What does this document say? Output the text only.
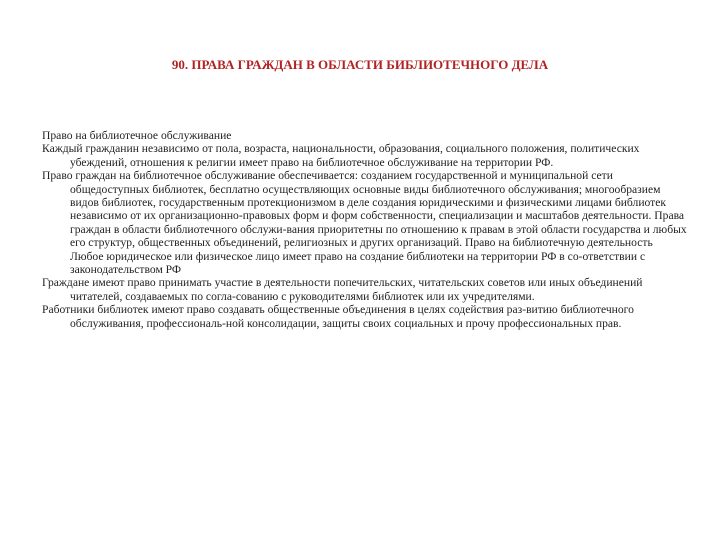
90. ПРАВА ГРАЖДАН В ОБЛАСТИ БИБЛИОТЕЧНОГО ДЕЛА

Право на библиотечное обслуживание

Каждый гражданин независимо от пола, возраста, национальности, образования, социального положения, политических убеждений, отношения к религии имеет право на библиотечное обслуживание на территории РФ.

Право граждан на библиотечное обслуживание обеспечивается: созданием государственной и муниципальной сети общедоступных библиотек, бесплатно осуществляющих основные виды библиотечного обслуживания; многообразием видов библиотек, государственным протекционизмом в деле создания юридическими и физическими лицами библиотек независимо от их организационно-правовых форм и форм собственности, специализации и масштабов деятельности. Права граждан в области библиотечного обслужи-вания приоритетны по отношению к правам в этой области государства и любых его структур, общественных объединений, религиозных и других организаций. Право на библиотечную деятельность Любое юридическое или физическое лицо имеет право на создание библиотеки на территории РФ в со-ответствии с законодательством РФ

Граждане имеют право принимать участие в деятельности попечительских, читательских советов или иных объединений читателей, создаваемых по согла-сованию с руководителями библиотек или их учредителями.

Работники библиотек имеют право создавать общественные объединения в целях содействия раз-витию библиотечного обслуживания, профессиональ-ной консолидации, защиты своих социальных и прочу профессиональных прав.
